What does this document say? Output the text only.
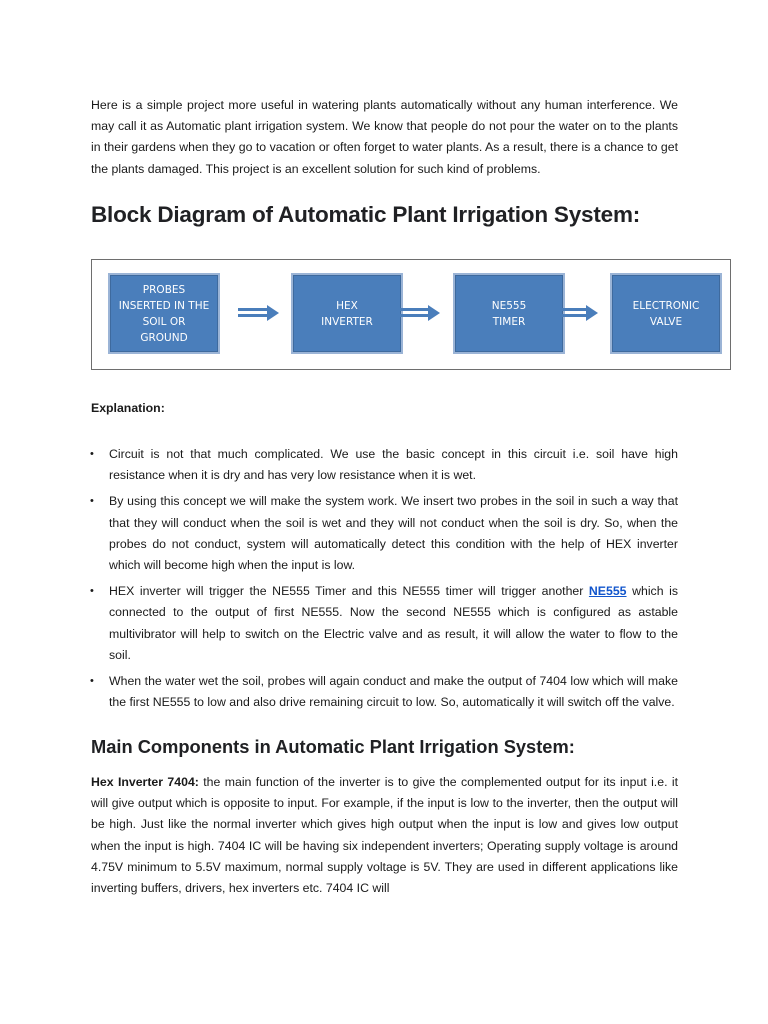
Here is a simple project more useful in watering plants automatically without any human interference. We may call it as Automatic plant irrigation system. We know that people do not pour the water on to the plants in their gardens when they go to vacation or often forget to water plants. As a result, there is a chance to get the plants damaged. This project is an excellent solution for such kind of problems.

Block Diagram of Automatic Plant Irrigation System:
PROBES
INSERTED IN THE
SOIL OR
GROUND
HEX
INVERTER
NE555
TIMER
ELECTRONIC
VALVE
Explanation:
• Circuit is not that much complicated. We use the basic concept in this circuit i.e. soil have high resistance when it is dry and has very low resistance when it is wet.
• By using this concept we will make the system work. We insert two probes in the soil in such a way that that they will conduct when the soil is wet and they will not conduct when the soil is dry. So, when the probes do not conduct, system will automatically detect this condition with the help of HEX inverter which will become high when the input is low.
• HEX inverter will trigger the NE555 Timer and this NE555 timer will trigger another NE555 which is connected to the output of first NE555. Now the second NE555 which is configured as astable multivibrator will help to switch on the Electric valve and as result, it will allow the water to flow to the soil.
• When the water wet the soil, probes will again conduct and make the output of 7404 low which will make the first NE555 to low and also drive remaining circuit to low. So, automatically it will switch off the valve.
Main Components in Automatic Plant Irrigation System:

Hex Inverter 7404: the main function of the inverter is to give the complemented output for its input i.e. it will give output which is opposite to input. For example, if the input is low to the inverter, then the output will be high. Just like the normal inverter which gives high output when the input is low and gives low output when the input is high. 7404 IC will be having six independent inverters; Operating supply voltage is around 4.75V minimum to 5.5V maximum, normal supply voltage is 5V. They are used in different applications like inverting buffers, drivers, hex inverters etc. 7404 IC will
